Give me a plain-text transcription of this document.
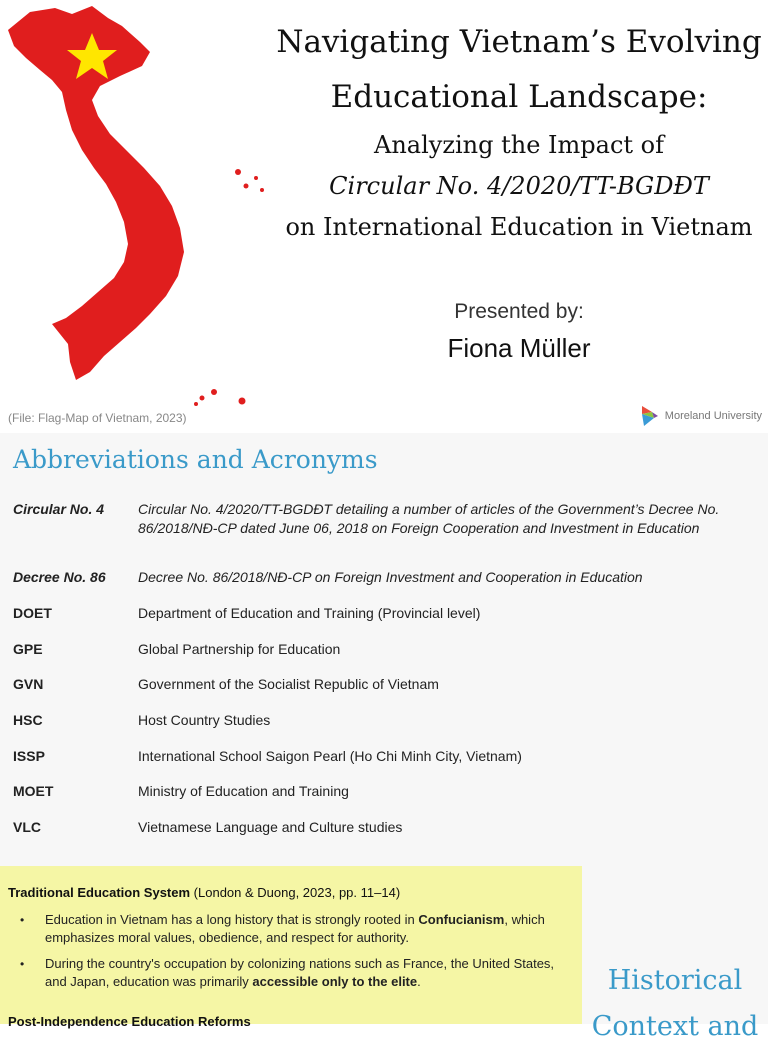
Navigating Vietnam’s Evolving
Educational Landscape:
Analyzing the Impact of
Circular No. 4/2020/TT-BGDĐT
on International Education in Vietnam
Presented by:
Fiona Müller
(File: Flag-Map of Vietnam, 2023)	Moreland University
Abbreviations and Acronyms
Circular No. 4	Circular No. 4/2020/TT-BGDĐT detailing a number of articles of the Government’s Decree No. 86/2018/NĐ-CP dated June 06, 2018 on Foreign Cooperation and Investment in Education
Decree No. 86	Decree No. 86/2018/NĐ-CP on Foreign Investment and Cooperation in Education
DOET	Department of Education and Training (Provincial level)
GPE	Global Partnership for Education
GVN	Government of the Socialist Republic of Vietnam
HSC	Host Country Studies
ISSP	International School Saigon Pearl (Ho Chi Minh City, Vietnam)
MOET	Ministry of Education and Training
VLC	Vietnamese Language and Culture studies
Traditional Education System (London & Duong, 2023, pp. 11–14)
• Education in Vietnam has a long history that is strongly rooted in Confucianism, which emphasizes moral values, obedience, and respect for authority.
• During the country's occupation by colonizing nations such as France, the United States, and Japan, education was primarily accessible only to the elite.
Post-Independence Education Reforms
Historical
Context and
